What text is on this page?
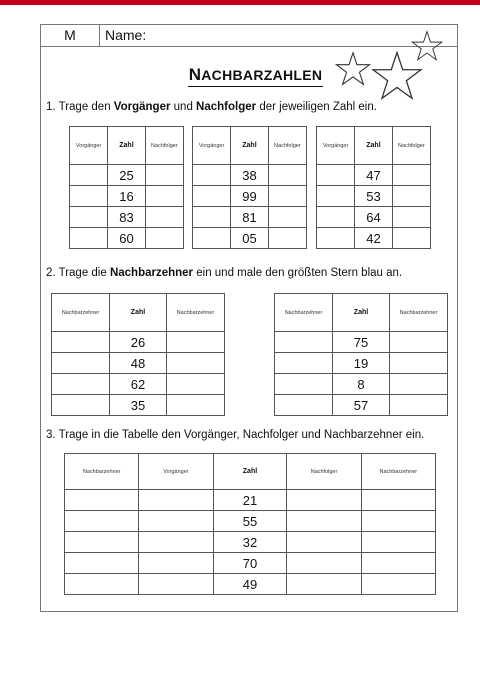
M	Name:
NACHBARZAHLEN
1. Trage den Vorgänger und Nachfolger der jeweiligen Zahl ein.
Vorgänger	Zahl	Nachfolger
	25	
	16	
	83	
	60	
Vorgänger	Zahl	Nachfolger
	38	
	99	
	81	
	05	
Vorgänger	Zahl	Nachfolger
	47	
	53	
	64	
	42	
2. Trage die Nachbarzehner ein und male den größten Stern blau an.
Nachbarzehner	Zahl	Nachbarzehner
	26	
	48	
	62	
	35	
Nachbarzehner	Zahl	Nachbarzehner
	75	
	19	
	8	
	57	
3. Trage in die Tabelle den Vorgänger, Nachfolger und Nachbarzehner ein.
Nachbarzehner	Vorgänger	Zahl	Nachfolger	Nachbarzehner
		21		
		55		
		32		
		70		
		49		
